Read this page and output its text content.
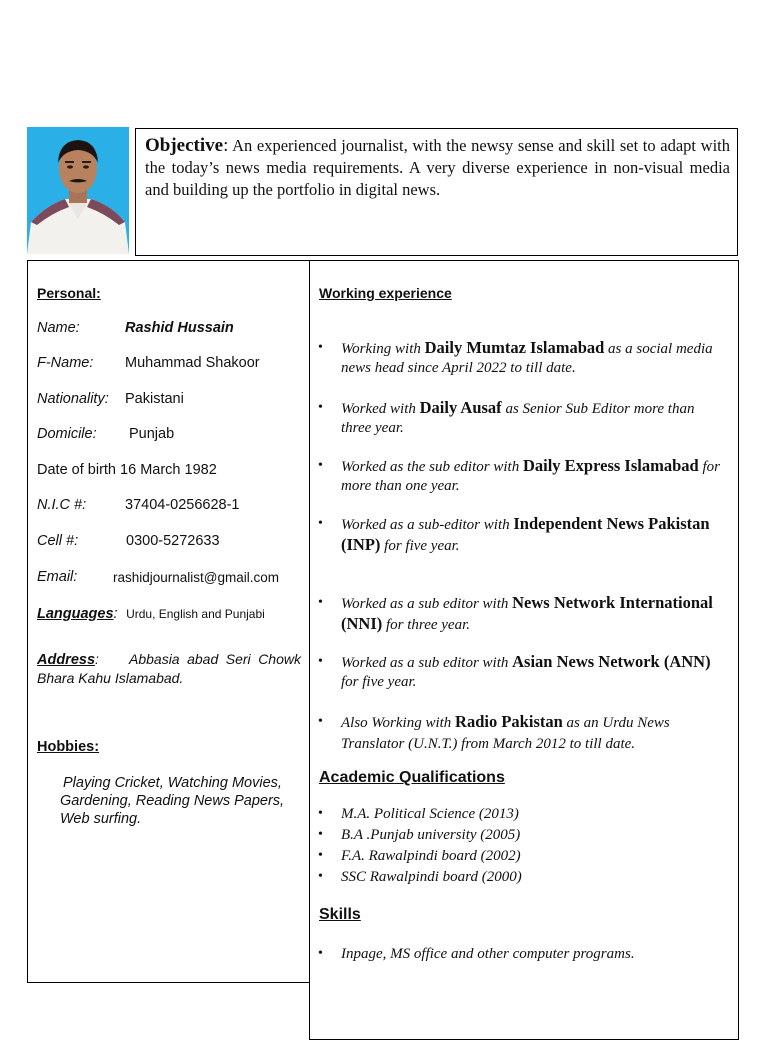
Objective: An experienced journalist, with the newsy sense and skill set to adapt with the today’s news media requirements. A very diverse experience in non-visual media and building up the portfolio in digital news.
Personal:
Name:	Rashid Hussain
F-Name: Muhammad Shakoor
Nationality: Pakistani
Domicile: Punjab
Date of birth 16 March 1982
N.I.C #:	37404-0256628-1
Cell #:	0300-5272633
Email:	rashidjournalist@gmail.com
Languages:  Urdu, English and Punjabi
Address:    Abbasia abad Seri Chowk Bhara Kahu Islamabad.
Hobbies:
Playing Cricket, Watching Movies, Gardening, Reading News Papers, Web surfing.
Working experience
• Working with Daily Mumtaz Islamabad as a social media news head since April 2022 to till date.
• Worked with Daily Ausaf as Senior Sub Editor more than three year.
• Worked as the sub editor with Daily Express Islamabad for more than one year.
• Worked as a sub-editor with Independent News Pakistan (INP) for five year.
• Worked as a sub editor with News Network International (NNI) for three year.
• Worked as a sub editor with Asian News Network (ANN) for five year.
• Also Working with Radio Pakistan as an Urdu News Translator (U.N.T.) from March 2012 to till date.
Academic Qualifications
• M.A. Political Science (2013)
• B.A .Punjab university (2005)
• F.A. Rawalpindi board (2002)
• SSC Rawalpindi board (2000)
Skills
• Inpage, MS office and other computer programs.
